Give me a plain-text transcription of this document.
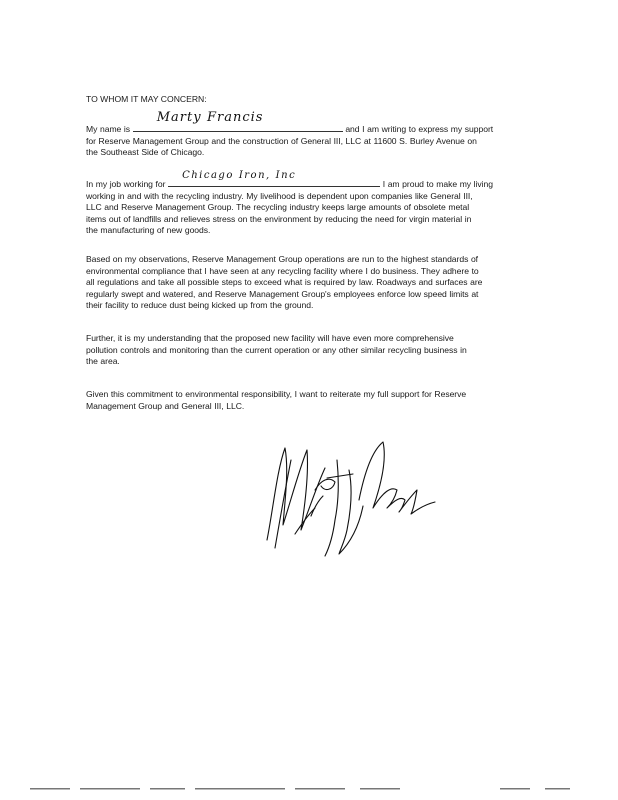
TO WHOM IT MAY CONCERN:
My name is
Marty Francis
and I am writing to express my support
for Reserve Management Group and the construction of General III, LLC at 11600 S. Burley Avenue on
the Southeast Side of Chicago.
In my job working for
Chicago Iron, Inc
I am proud to make my living
working in and with the recycling industry. My livelihood is dependent upon companies like General III,
LLC and Reserve Management Group. The recycling industry keeps large amounts of obsolete metal
items out of landfills and relieves stress on the environment by reducing the need for virgin material in
the manufacturing of new goods.
Based on my observations, Reserve Management Group operations are run to the highest standards of
environmental compliance that I have seen at any recycling facility where I do business. They adhere to
all regulations and take all possible steps to exceed what is required by law. Roadways and surfaces are
regularly swept and watered, and Reserve Management Group's employees enforce low speed limits at
their facility to reduce dust being kicked up from the ground.
Further, it is my understanding that the proposed new facility will have even more comprehensive
pollution controls and monitoring than the current operation or any other similar recycling business in
the area.
Given this commitment to environmental responsibility, I want to reiterate my full support for Reserve
Management Group and General III, LLC.
